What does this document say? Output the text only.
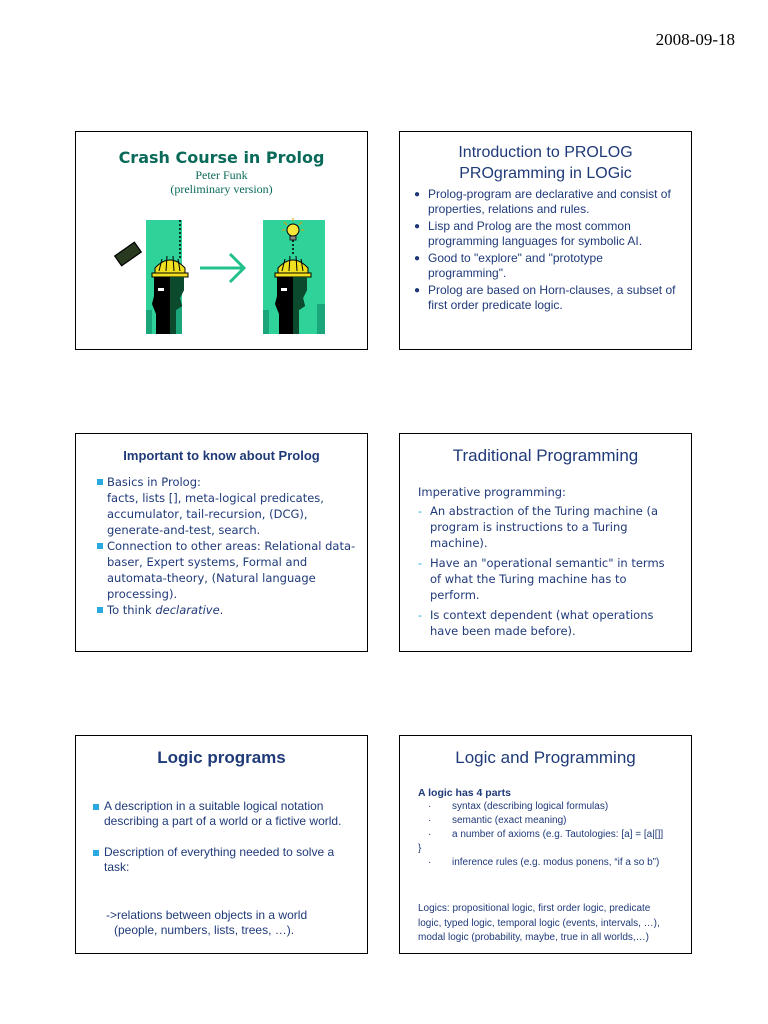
2008-09-18
Crash Course in Prolog
Peter Funk
(preliminary version)
Introduction to PROLOG
PROgramming in LOGic
● Prolog-program are declarative and consist of properties, relations and rules.
● Lisp and Prolog are the most common programming languages for symbolic AI.
● Good to "explore" and "prototype programming".
● Prolog are based on Horn-clauses, a subset of first order predicate logic.
Important to know about Prolog
Basics in Prolog:
facts, lists [], meta-logical predicates, accumulator, tail-recursion, (DCG), generate-and-test, search.
Connection to other areas: Relational data-baser, Expert systems, Formal and automata-theory, (Natural language processing).
To think declarative.
Traditional Programming
Imperative programming:
- An abstraction of the Turing machine (a program is instructions to a Turing machine).
- Have an "operational semantic" in terms of what the Turing machine has to perform.
- Is context dependent (what operations have been made before).
Logic programs
A description in a suitable logical notation describing a part of a world or a fictive world.
Description of everything needed to solve a task:
->relations between objects in a world
(people, numbers, lists, trees, …).
Logic and Programming
A logic has 4 parts
· syntax (describing logical formulas)
· semantic (exact meaning)
· a number of axioms (e.g. Tautologies: [a] = [a|[]] }
· inference rules (e.g. modus ponens, “if a so b”)
Logics: propositional logic, first order logic, predicate logic, typed logic, temporal logic (events, intervals, …), modal logic (probability, maybe, true in all worlds,…)
